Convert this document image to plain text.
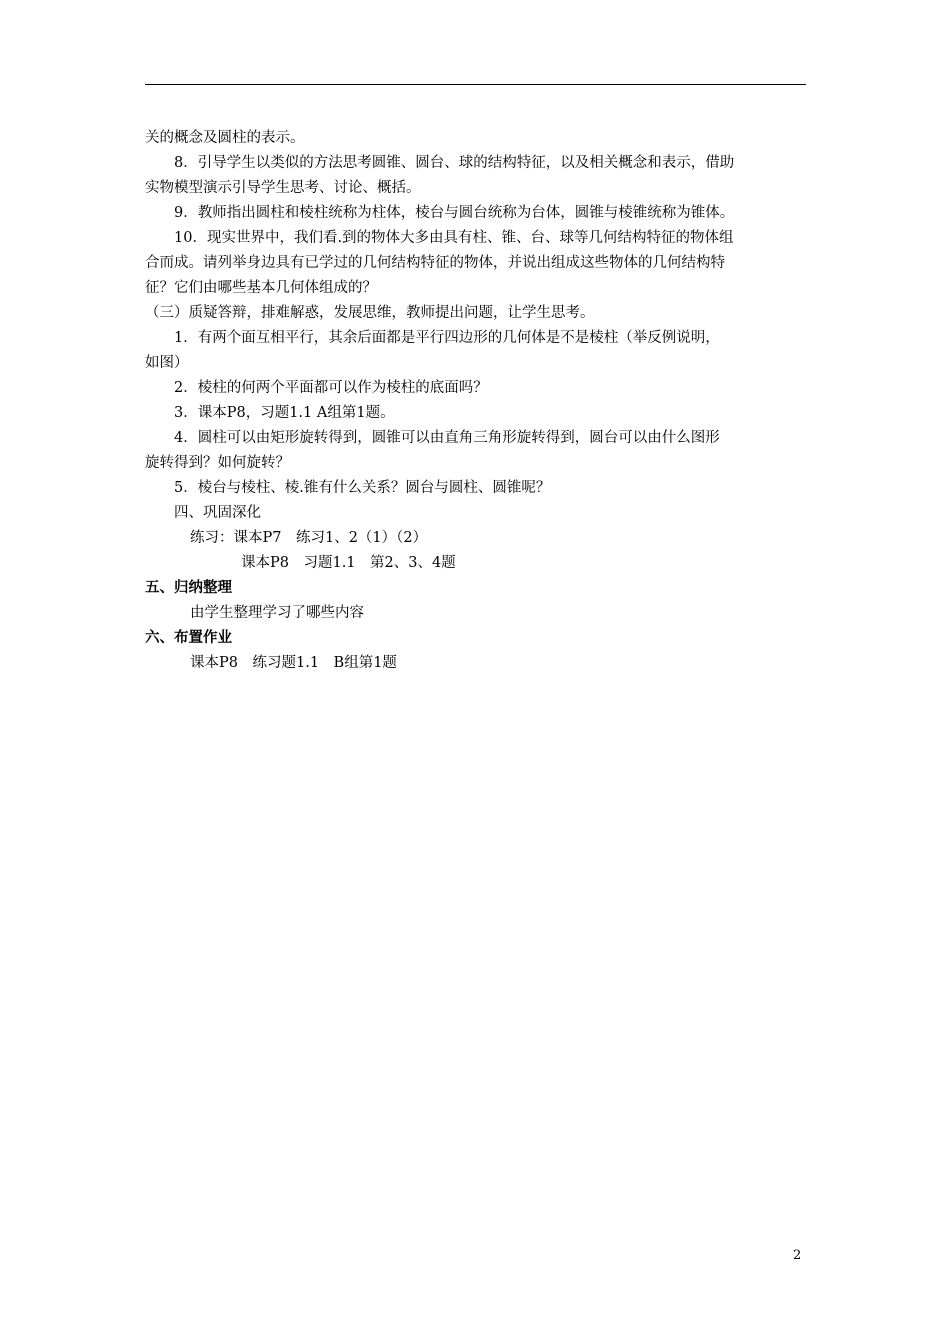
关的概念及圆柱的表示。

8．引导学生以类似的方法思考圆锥、圆台、球的结构特征，以及相关概念和表示，借助

实物模型演示引导学生思考、讨论、概括。

9．教师指出圆柱和棱柱统称为柱体，棱台与圆台统称为台体，圆锥与棱锥统称为锥体。

10．现实世界中，我们看.到的物体大多由具有柱、锥、台、球等几何结构特征的物体组

合而成。请列举身边具有已学过的几何结构特征的物体，并说出组成这些物体的几何结构特

征？它们由哪些基本几何体组成的？

（三）质疑答辩，排难解惑，发展思维，教师提出问题，让学生思考。

1．有两个面互相平行，其余后面都是平行四边形的几何体是不是棱柱（举反例说明，

如图）

2．棱柱的何两个平面都可以作为棱柱的底面吗？

3．课本P8，习题1.1 A组第1题。

4．圆柱可以由矩形旋转得到，圆锥可以由直角三角形旋转得到，圆台可以由什么图形

旋转得到？如何旋转？

5．棱台与棱柱、棱.锥有什么关系？圆台与圆柱、圆锥呢？

四、巩固深化

练习：课本P7　练习1、2（1）（2）

课本P8　习题1.1　第2、3、4题

五、归纳整理

由学生整理学习了哪些内容

六、布置作业

课本P8　练习题1.1　B组第1题

2
